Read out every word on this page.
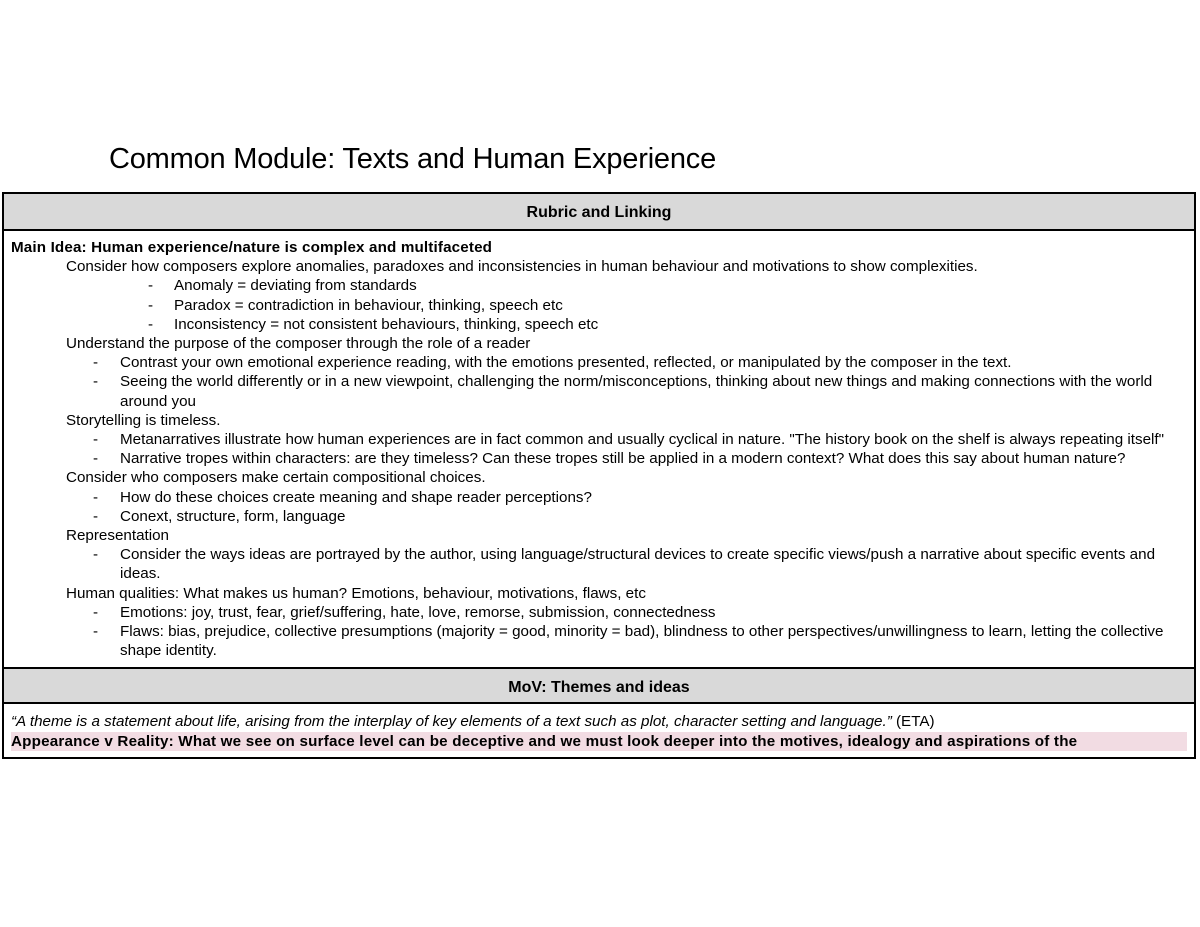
Common Module: Texts and Human Experience
Rubric and Linking
Main Idea: Human experience/nature is complex and multifaceted
Consider how composers explore anomalies, paradoxes and inconsistencies in human behaviour and motivations to show complexities.
- Anomaly = deviating from standards
- Paradox = contradiction in behaviour, thinking, speech etc
- Inconsistency = not consistent behaviours, thinking, speech etc
Understand the purpose of the composer through the role of a reader
- Contrast your own emotional experience reading, with the emotions presented, reflected, or manipulated by the composer in the text.
- Seeing the world differently or in a new viewpoint, challenging the norm/misconceptions, thinking about new things and making connections with the world around you
Storytelling is timeless.
- Metanarratives illustrate how human experiences are in fact common and usually cyclical in nature. "The history book on the shelf is always repeating itself"
- Narrative tropes within characters: are they timeless? Can these tropes still be applied in a modern context? What does this say about human nature?
Consider who composers make certain compositional choices.
- How do these choices create meaning and shape reader perceptions?
- Conext, structure, form, language
Representation
- Consider the ways ideas are portrayed by the author, using language/structural devices to create specific views/push a narrative about specific events and ideas.
Human qualities: What makes us human? Emotions, behaviour, motivations, flaws, etc
- Emotions: joy, trust, fear, grief/suffering, hate, love, remorse, submission, connectedness
- Flaws: bias, prejudice, collective presumptions (majority = good, minority = bad), blindness to other perspectives/unwillingness to learn, letting the collective shape identity.
MoV: Themes and ideas
“A theme is a statement about life, arising from the interplay of key elements of a text such as plot, character setting and language.” (ETA)
Appearance v Reality: What we see on surface level can be deceptive and we must look deeper into the motives, idealogy and aspirations of the
